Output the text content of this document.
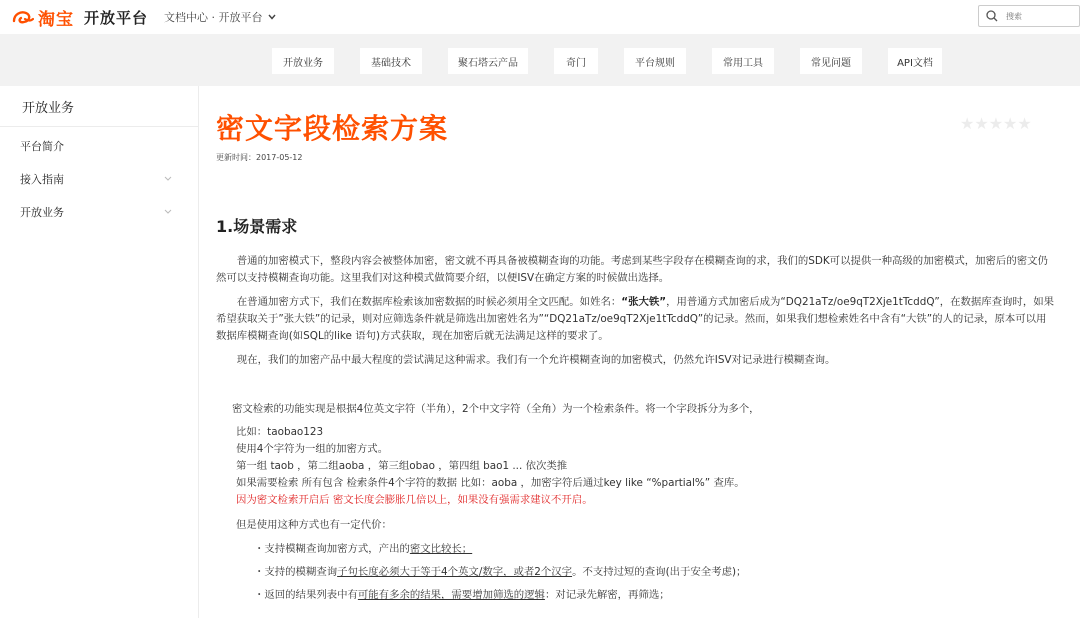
淘宝 开放平台 文档中心 · 开放平台
搜索
开放业务	基础技术	聚石塔云产品	奇门	平台规则	常用工具	常见问题	API文档
开放业务
平台简介
接入指南
开放业务
密文字段检索方案	★ ★ ★ ★ ★
更新时间：2017-05-12
1.场景需求

普通的加密模式下，整段内容会被整体加密，密文就不再具备被模糊查询的功能。考虑到某些字段存在模糊查询的求，我们的SDK可以提供一种高级的加密模式，加密后的密文仍然可以支持模糊查询功能。这里我们对这种模式做简要介绍，以便ISV在确定方案的时候做出选择。

在普通加密方式下，我们在数据库检索该加密数据的时候必须用全文匹配。如姓名：“张大铁”，用普通方式加密后成为“DQ21aTz/oe9qT2Xje1tTcddQ”，在数据库查询时，如果希望获取关于”张大铁”的记录，则对应筛选条件就是筛选出加密姓名为”“DQ21aTz/oe9qT2Xje1tTcddQ”的记录。然而，如果我们想检索姓名中含有“大铁”的人的记录，原本可以用数据库模糊查询(如SQL的like 语句)方式获取，现在加密后就无法满足这样的要求了。

现在，我们的加密产品中最大程度的尝试满足这种需求。我们有一个允许模糊查询的加密模式，仍然允许ISV对记录进行模糊查询。

密文检索的功能实现是根据4位英文字符（半角），2个中文字符（全角）为一个检索条件。将一个字段拆分为多个，
比如：taobao123
使用4个字符为一组的加密方式。
第一组 taob ，第二组aoba ，第三组obao ，第四组 bao1 ... 依次类推
如果需要检索 所有包含 检索条件4个字符的数据 比如：aoba ，加密字符后通过key like “%partial%” 查库。
因为密文检索开启后 密文长度会膨胀几倍以上，如果没有强需求建议不开启。
但是使用这种方式也有一定代价：
・支持模糊查询加密方式，产出的密文比较长；
・支持的模糊查询子句长度必须大于等于4个英文/数字，或者2个汉字。不支持过短的查询(出于安全考虑)；
・返回的结果列表中有可能有多余的结果，需要增加筛选的逻辑：对记录先解密，再筛选；
